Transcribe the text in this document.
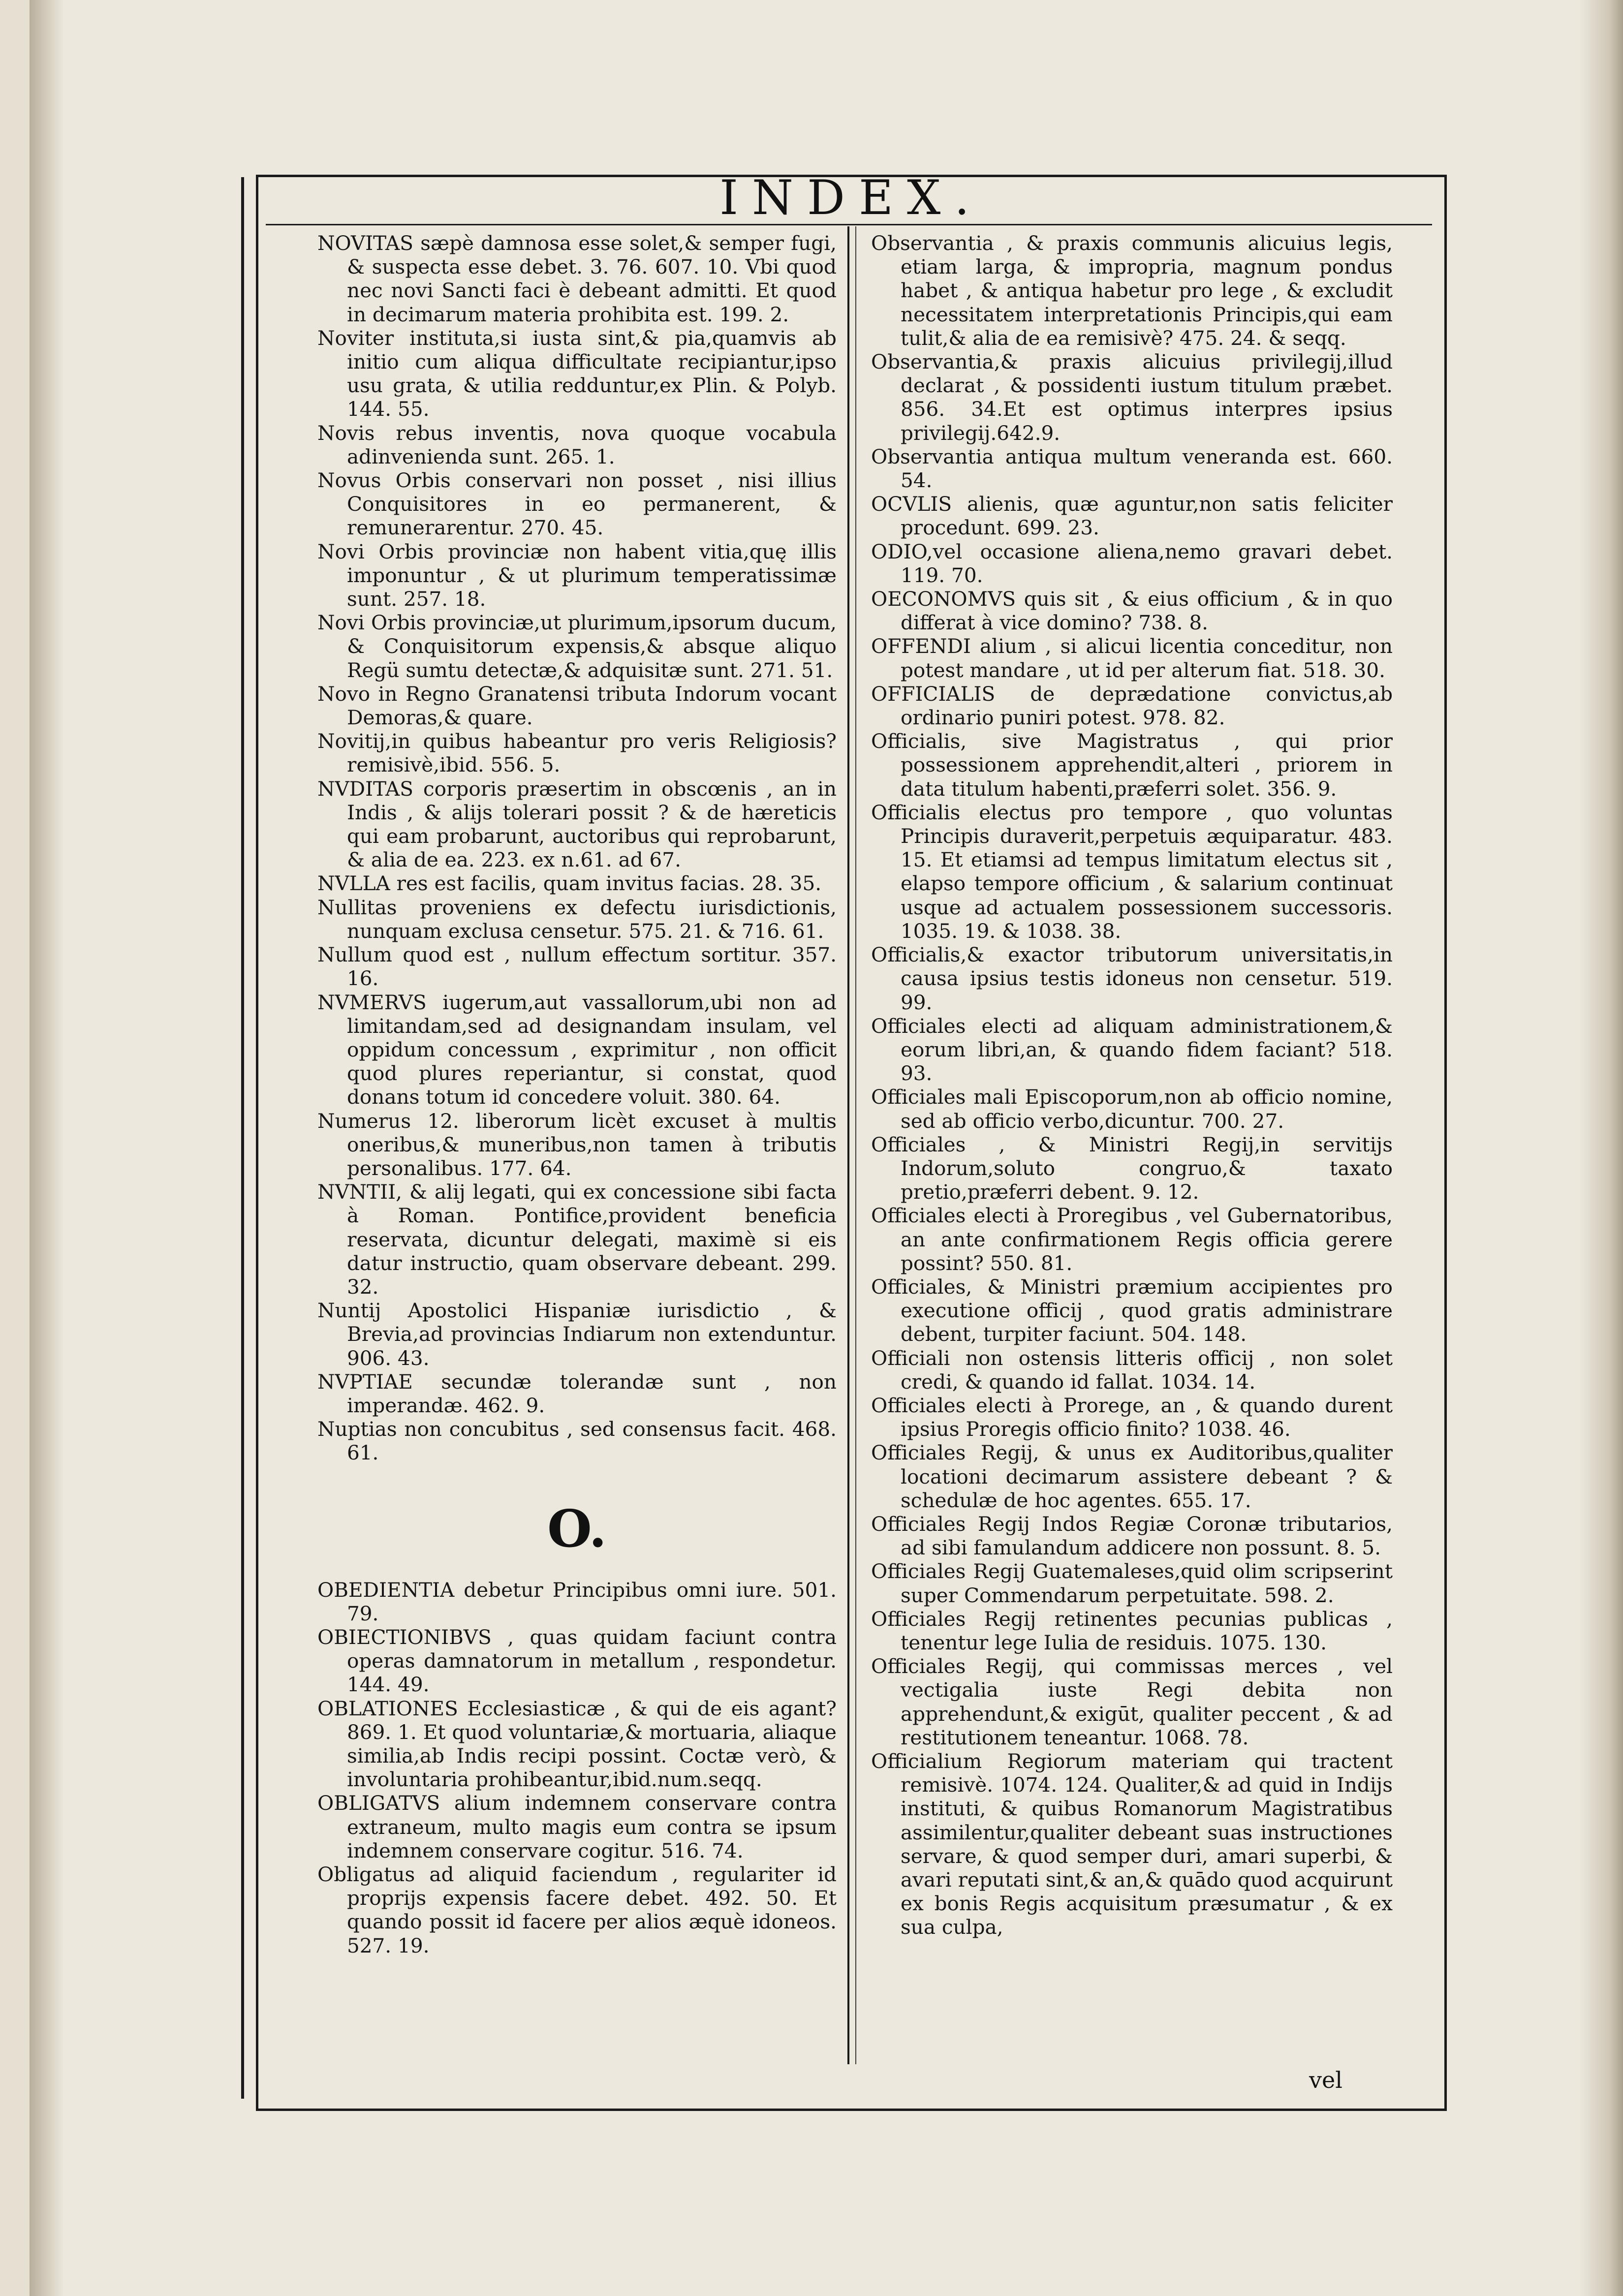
INDEX.

NOVITAS sæpè damnosa esse solet,& semper fugi, & suspecta esse debet. 3. 76. 607. 10. Vbi quod nec novi Sancti faci è debeant admitti. Et quod in decimarum materia prohibita est. 199. 2.

Noviter instituta,si iusta sint,& pia,quamvis ab initio cum aliqua difficultate recipiantur,ipso usu grata, & utilia redduntur,ex Plin. & Polyb. 144. 55.

Novis rebus inventis, nova quoque vocabula adinvenienda sunt. 265. 1.

Novus Orbis conservari non posset , nisi illius Conquisitores in eo permanerent, & remunerarentur. 270. 45.

Novi Orbis provinciæ non habent vitia,quę illis imponuntur , & ut plurimum temperatissimæ sunt. 257. 18.

Novi Orbis provinciæ,ut plurimum,ipsorum ducum, & Conquisitorum expensis,& absque aliquo Regü sumtu detectæ,& adquisitæ sunt. 271. 51.

Novo in Regno Granatensi tributa Indorum vocant Demoras,& quare.

Novitij,in quibus habeantur pro veris Religiosis? remisivè,ibid. 556. 5.

NVDITAS corporis præsertim in obscœnis , an in Indis , & alijs tolerari possit ? & de hæreticis qui eam probarunt, auctoribus qui reprobarunt, & alia de ea. 223. ex n.61. ad 67.

NVLLA res est facilis, quam invitus facias. 28. 35.

Nullitas proveniens ex defectu iurisdictionis, nunquam exclusa censetur. 575. 21. & 716. 61.

Nullum quod est , nullum effectum sortitur. 357. 16.

NVMERVS iugerum,aut vassallorum,ubi non ad limitandam,sed ad designandam insulam, vel oppidum concessum , exprimitur , non officit quod plures reperiantur, si constat, quod donans totum id concedere voluit. 380. 64.

Numerus 12. liberorum licèt excuset à multis oneribus,& muneribus,non tamen à tributis personalibus. 177. 64.

NVNTII, & alij legati, qui ex concessione sibi facta à Roman. Pontifice,provident beneficia reservata, dicuntur delegati, maximè si eis datur instructio, quam observare debeant. 299. 32.

Nuntij Apostolici Hispaniæ iurisdictio , & Brevia,ad provincias Indiarum non extenduntur. 906. 43.

NVPTIAE secundæ tolerandæ sunt , non imperandæ. 462. 9.

Nuptias non concubitus , sed consensus facit. 468. 61.

O.

OBEDIENTIA debetur Principibus omni iure. 501. 79.

OBIECTIONIBVS , quas quidam faciunt contra operas damnatorum in metallum , respondetur. 144. 49.

OBLATIONES Ecclesiasticæ , & qui de eis agant? 869. 1. Et quod voluntariæ,& mortuaria, aliaque similia,ab Indis recipi possint. Coctæ verò, & involuntaria prohibeantur,ibid.num.seqq.

OBLIGATVS alium indemnem conservare contra extraneum, multo magis eum contra se ipsum indemnem conservare cogitur. 516. 74.

Obligatus ad aliquid faciendum , regulariter id proprijs expensis facere debet. 492. 50. Et quando possit id facere per alios æquè idoneos. 527. 19.

Observantia , & praxis communis alicuius legis, etiam larga, & impropria, magnum pondus habet , & antiqua habetur pro lege , & excludit necessitatem interpretationis Principis,qui eam tulit,& alia de ea remisivè? 475. 24. & seqq.

Observantia,& praxis alicuius privilegij,illud declarat , & possidenti iustum titulum præbet. 856. 34.Et est optimus interpres ipsius privilegij.642.9.

Observantia antiqua multum veneranda est. 660. 54.

OCVLIS alienis, quæ aguntur,non satis feliciter procedunt. 699. 23.

ODIO,vel occasione aliena,nemo gravari debet. 119. 70.

OECONOMVS quis sit , & eius officium , & in quo differat à vice domino? 738. 8.

OFFENDI alium , si alicui licentia conceditur, non potest mandare , ut id per alterum fiat. 518. 30.

OFFICIALIS de deprædatione convictus,ab ordinario puniri potest. 978. 82.

Officialis, sive Magistratus , qui prior possessionem apprehendit,alteri , priorem in data titulum habenti,præferri solet. 356. 9.

Officialis electus pro tempore , quo voluntas Principis duraverit,perpetuis æquiparatur. 483. 15. Et etiamsi ad tempus limitatum electus sit , elapso tempore officium , & salarium continuat usque ad actualem possessionem successoris. 1035. 19. & 1038. 38.

Officialis,& exactor tributorum universitatis,in causa ipsius testis idoneus non censetur. 519. 99.

Officiales electi ad aliquam administrationem,& eorum libri,an, & quando fidem faciant? 518. 93.

Officiales mali Episcoporum,non ab officio nomine, sed ab officio verbo,dicuntur. 700. 27.

Officiales , & Ministri Regij,in servitijs Indorum,soluto congruo,& taxato pretio,præferri debent. 9. 12.

Officiales electi à Proregibus , vel Gubernatoribus, an ante confirmationem Regis officia gerere possint? 550. 81.

Officiales, & Ministri præmium accipientes pro executione officij , quod gratis administrare debent, turpiter faciunt. 504. 148.

Officiali non ostensis litteris officij , non solet credi, & quando id fallat. 1034. 14.

Officiales electi à Prorege, an , & quando durent ipsius Proregis officio finito? 1038. 46.

Officiales Regij, & unus ex Auditoribus,qualiter locationi decimarum assistere debeant ? & schedulæ de hoc agentes. 655. 17.

Officiales Regij Indos Regiæ Coronæ tributarios, ad sibi famulandum addicere non possunt. 8. 5.

Officiales Regij Guatemaleses,quid olim scripserint super Commendarum perpetuitate. 598. 2.

Officiales Regij retinentes pecunias publicas , tenentur lege Iulia de residuis. 1075. 130.

Officiales Regij, qui commissas merces , vel vectigalia iuste Regi debita non apprehendunt,& exigūt, qualiter peccent , & ad restitutionem teneantur. 1068. 78.

Officialium Regiorum materiam qui tractent remisivè. 1074. 124. Qualiter,& ad quid in Indijs instituti, & quibus Romanorum Magistratibus assimilentur,qualiter debeant suas instructiones servare, & quod semper duri, amari superbi, & avari reputati sint,& an,& quādo quod acquirunt ex bonis Regis acquisitum præsumatur , & ex sua culpa,

vel
